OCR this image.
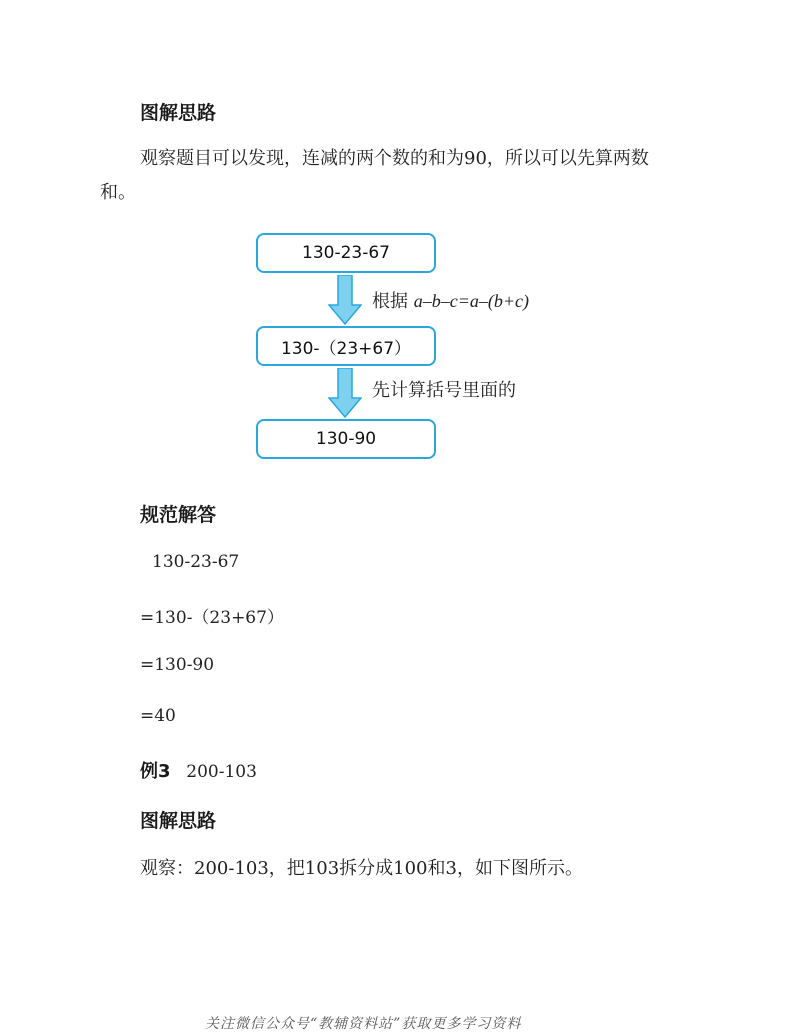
图解思路
观察题目可以发现，连减的两个数的和为90，所以可以先算两数
和。
130-23-67
根据 a–b–c=a–(b+c)
130-（23+67）
先计算括号里面的
130-90
规范解答
130-23-67
=130-（23+67）
=130-90
=40
例3 200-103
图解思路
观察：200-103，把103拆分成100和3，如下图所示。
关注微信公众号“教辅资料站”获取更多学习资料
